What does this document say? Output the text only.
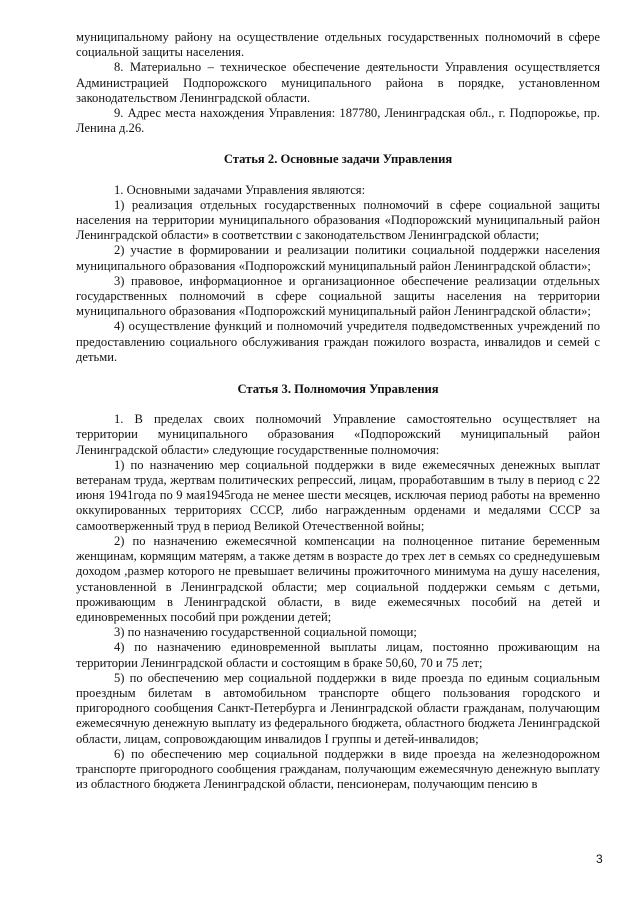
муниципальному району на осуществление отдельных государственных полномочий в сфере социальной защиты населения.

8. Материально – техническое обеспечение деятельности Управления осуществляется Администрацией Подпорожского муниципального района в порядке, установленном законодательством Ленинградской области.

9. Адрес места нахождения Управления: 187780, Ленинградская обл., г. Подпорожье, пр. Ленина д.26.

Статья 2. Основные задачи Управления

1. Основными задачами Управления являются:

1) реализация отдельных государственных полномочий в сфере социальной защиты населения на территории муниципального образования «Подпорожский муниципальный район Ленинградской области» в соответствии с законодательством Ленинградской области;

2) участие в формировании и реализации политики социальной поддержки населения муниципального образования «Подпорожский муниципальный район Ленинградской области»;

3) правовое, информационное и организационное обеспечение реализации отдельных государственных полномочий в сфере социальной защиты населения на территории муниципального образования «Подпорожский муниципальный район Ленинградской области»;

4) осуществление функций и полномочий учредителя подведомственных учреждений по предоставлению социального обслуживания граждан пожилого возраста, инвалидов и семей с детьми.

Статья 3. Полномочия Управления

1. В пределах своих полномочий Управление самостоятельно осуществляет на территории муниципального образования «Подпорожский муниципальный район Ленинградской области» следующие государственные полномочия:

1) по назначению мер социальной поддержки в виде ежемесячных денежных выплат ветеранам труда, жертвам политических репрессий, лицам, проработавшим в тылу в период с 22 июня 1941года по 9 мая1945года не менее шести месяцев, исключая период работы на временно оккупированных территориях СССР, либо награжденным орденами и медалями СССР за самоотверженный труд в период Великой Отечественной войны;

2) по назначению ежемесячной компенсации на полноценное питание беременным женщинам, кормящим матерям, а также детям в возрасте до трех лет в семьях со среднедушевым доходом ,размер которого не превышает величины прожиточного минимума на душу населения, установленной в Ленинградской области; мер социальной поддержки семьям с детьми, проживающим в Ленинградской области, в виде ежемесячных пособий на детей и единовременных пособий при рождении детей;

3) по назначению государственной социальной помощи;

4) по назначению единовременной выплаты лицам, постоянно проживающим на территории Ленинградской области и состоящим в браке 50,60, 70 и 75 лет;

5) по обеспечению мер социальной поддержки в виде проезда по единым социальным проездным билетам в автомобильном транспорте общего пользования городского и пригородного сообщения Санкт-Петербурга и Ленинградской области гражданам, получающим ежемесячную денежную выплату из федерального бюджета, областного бюджета Ленинградской области, лицам, сопровождающим инвалидов I группы и детей-инвалидов;

6) по обеспечению мер социальной поддержки в виде проезда на железнодорожном транспорте пригородного сообщения гражданам, получающим ежемесячную денежную выплату из областного бюджета Ленинградской области, пенсионерам, получающим пенсию в

3
